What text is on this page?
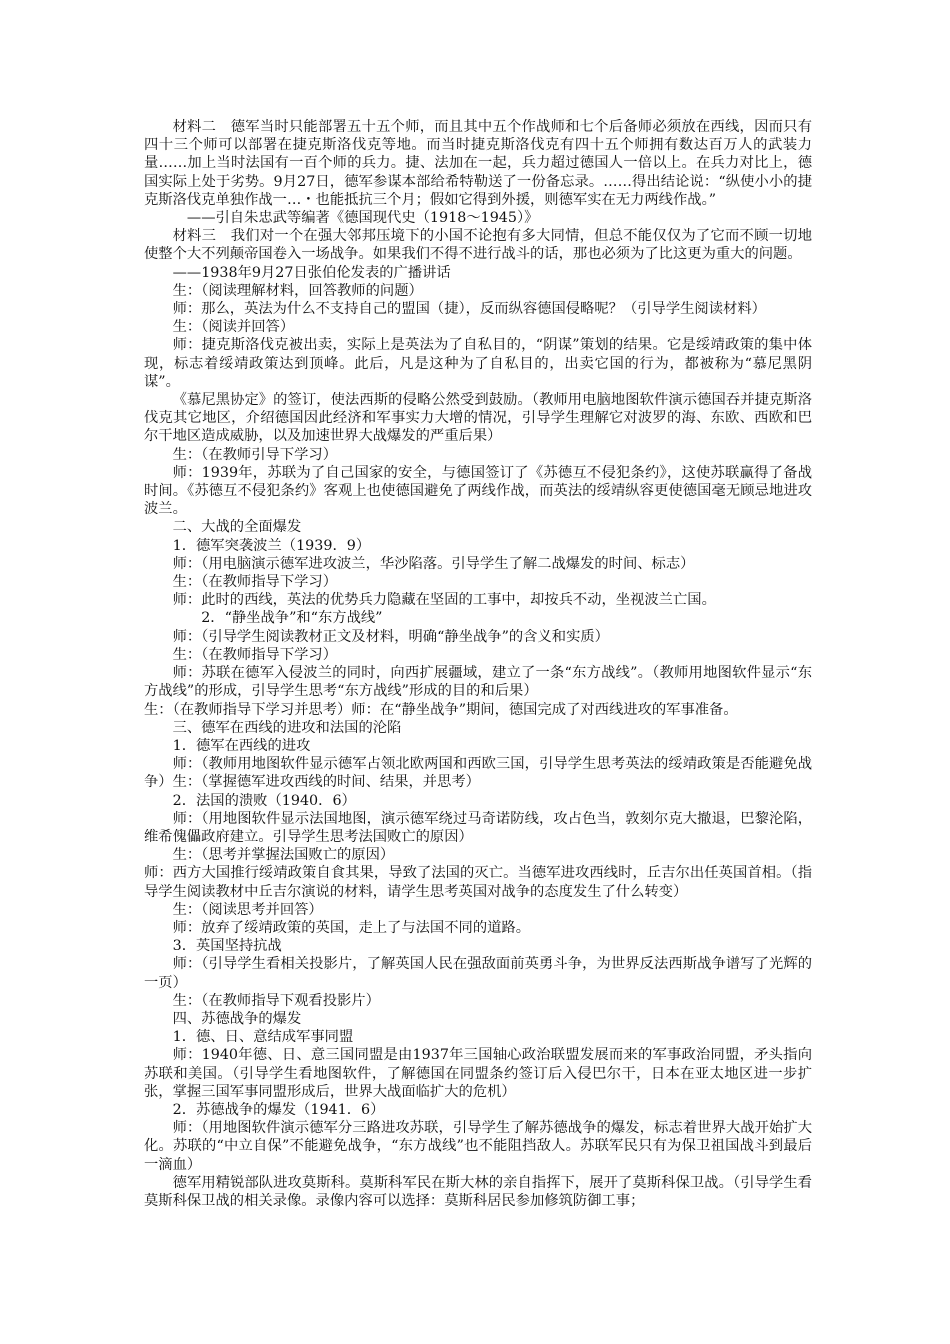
材料二　德军当时只能部署五十五个师，而且其中五个作战师和七个后备师必须放在西线，因而只有四十三个师可以部署在捷克斯洛伐克等地。而当时捷克斯洛伐克有四十五个师拥有数达百万人的武装力量……加上当时法国有一百个师的兵力。捷、法加在一起，兵力超过德国人一倍以上。在兵力对比上，德国实际上处于劣势。9月27日，德军参谋本部给希特勒送了一份备忘录。……得出结论说：“纵使小小的捷克斯洛伐克单独作战一…・也能抵抗三个月；假如它得到外援，则德军实在无力两线作战。”

——引自朱忠武等编著《德国现代史（1918～1945）》

材料三　我们对一个在强大邻邦压境下的小国不论抱有多大同情，但总不能仅仅为了它而不顾一切地使整个大不列颠帝国卷入一场战争。如果我们不得不进行战斗的话，那也必须为了比这更为重大的问题。

——1938年9月27日张伯伦发表的广播讲话

生：（阅读理解材料，回答教师的问题）

师：那么，英法为什么不支持自己的盟国（捷），反而纵容德国侵略呢？（引导学生阅读材料）

生：（阅读并回答）

师：捷克斯洛伐克被出卖，实际上是英法为了自私目的，“阴谋”策划的结果。它是绥靖政策的集中体现，标志着绥靖政策达到顶峰。此后，凡是这种为了自私目的，出卖它国的行为，都被称为“慕尼黑阴谋”。

《慕尼黑协定》的签订，使法西斯的侵略公然受到鼓励。（教师用电脑地图软件演示德国吞并捷克斯洛伐克其它地区，介绍德国因此经济和军事实力大增的情况，引导学生理解它对波罗的海、东欧、西欧和巴尔干地区造成威胁，以及加速世界大战爆发的严重后果）

生：（在教师引导下学习）

师：1939年，苏联为了自己国家的安全，与德国签订了《苏德互不侵犯条约》，这使苏联赢得了备战时间。《苏德互不侵犯条约》客观上也使德国避免了两线作战，而英法的绥靖纵容更使德国毫无顾忌地进攻波兰。

二、大战的全面爆发

1．德军突袭波兰（1939．9）

师：（用电脑演示德军进攻波兰，华沙陷落。引导学生了解二战爆发的时间、标志）

生：（在教师指导下学习）

师：此时的西线，英法的优势兵力隐藏在坚固的工事中，却按兵不动，坐视波兰亡国。

2．“静坐战争”和“东方战线”

师：（引导学生阅读教材正文及材料，明确“静坐战争”的含义和实质）

生：（在教师指导下学习）

师：苏联在德军入侵波兰的同时，向西扩展疆域，建立了一条“东方战线”。（教师用地图软件显示“东方战线”的形成，引导学生思考“东方战线”形成的目的和后果）

生：（在教师指导下学习并思考）师：在“静坐战争”期间，德国完成了对西线进攻的军事准备。

三、德军在西线的进攻和法国的沦陷

1．德军在西线的进攻

师：（教师用地图软件显示德军占领北欧两国和西欧三国，引导学生思考英法的绥靖政策是否能避免战争）生：（掌握德军进攻西线的时间、结果，并思考）

2．法国的溃败（1940．6）

师：（用地图软件显示法国地图，演示德军绕过马奇诺防线，攻占色当，敦刻尔克大撤退，巴黎沦陷，维希傀儡政府建立。引导学生思考法国败亡的原因）

生：（思考并掌握法国败亡的原因）

师：西方大国推行绥靖政策自食其果，导致了法国的灭亡。当德军进攻西线时，丘吉尔出任英国首相。（指导学生阅读教材中丘吉尔演说的材料，请学生思考英国对战争的态度发生了什么转变）

生：（阅读思考并回答）

师：放弃了绥靖政策的英国，走上了与法国不同的道路。

3．英国坚持抗战

师：（引导学生看相关投影片，了解英国人民在强敌面前英勇斗争，为世界反法西斯战争谱写了光辉的一页）

生：（在教师指导下观看投影片）

四、苏德战争的爆发

1．德、日、意结成军事同盟

师：1940年德、日、意三国同盟是由1937年三国轴心政治联盟发展而来的军事政治同盟，矛头指向苏联和美国。（引导学生看地图软件，了解德国在同盟条约签订后入侵巴尔干，日本在亚太地区进一步扩张，掌握三国军事同盟形成后，世界大战面临扩大的危机）

2．苏德战争的爆发（1941．6）

师：（用地图软件演示德军分三路进攻苏联，引导学生了解苏德战争的爆发，标志着世界大战开始扩大化。苏联的“中立自保”不能避免战争，“东方战线”也不能阻挡敌人。苏联军民只有为保卫祖国战斗到最后一滴血）

德军用精锐部队进攻莫斯科。莫斯科军民在斯大林的亲自指挥下，展开了莫斯科保卫战。（引导学生看莫斯科保卫战的相关录像。录像内容可以选择：莫斯科居民参加修筑防御工事；
